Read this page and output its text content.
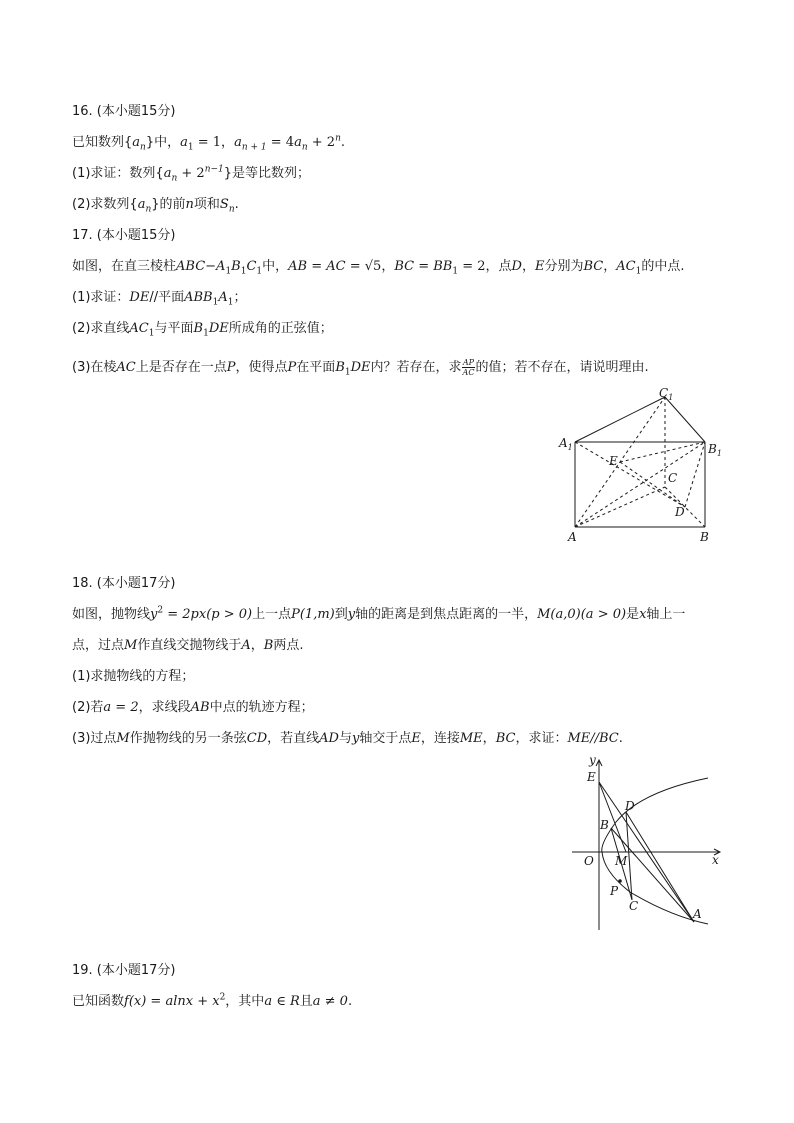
16. (本小题15分)
已知数列$\{a_n\}$中，$a_1 = 1$，$a_{n + 1} = 4a_n + 2^n$.
(1)求证：数列$\{a_n + 2^{n-1}\}$是等比数列；
(2)求数列$\{a_n\}$的前n项和$S_n$.
17. (本小题15分)
如图，在直三棱柱$ABC-A_1B_1C_1$中，AB = AC = √5，BC = $BB_1 = 2$，点D，E分别为BC，$AC_1$的中点.
(1)求证：DE//平面$ABB_1A_1$；
(2)求直线$AC_1$与平面$B_1DE$所成角的正弦值；
(3)在棱AC上是否存在一点P，使得点P在平面$B_1DE$内？若存在，求 $\frac{AP}{AC}$ 的值；若不存在，请说明理由.
$C_1$
$A_1$	$B_1$
E
C
D
A	B
18. (本小题17分)
如图，抛物线$y^2 = 2px(p > 0)$上一点P(1,m)到y轴的距离是到焦点距离的一半，M(a,0)(a > 0)是x轴上一
点，过点M作直线交抛物线于A，B两点.
(1)求抛物线的方程；
(2)若a = 2，求线段AB中点的轨迹方程；
(3)过点M作抛物线的另一条弦CD，若直线AD与y轴交于点E，连接ME，BC，求证：ME//BC.
y
x
E
D
B
O M
P
C
A
19. (本小题17分)
已知函数$f(x) = alnx + x^2$，其中a ∈ R且a ≠ 0.
